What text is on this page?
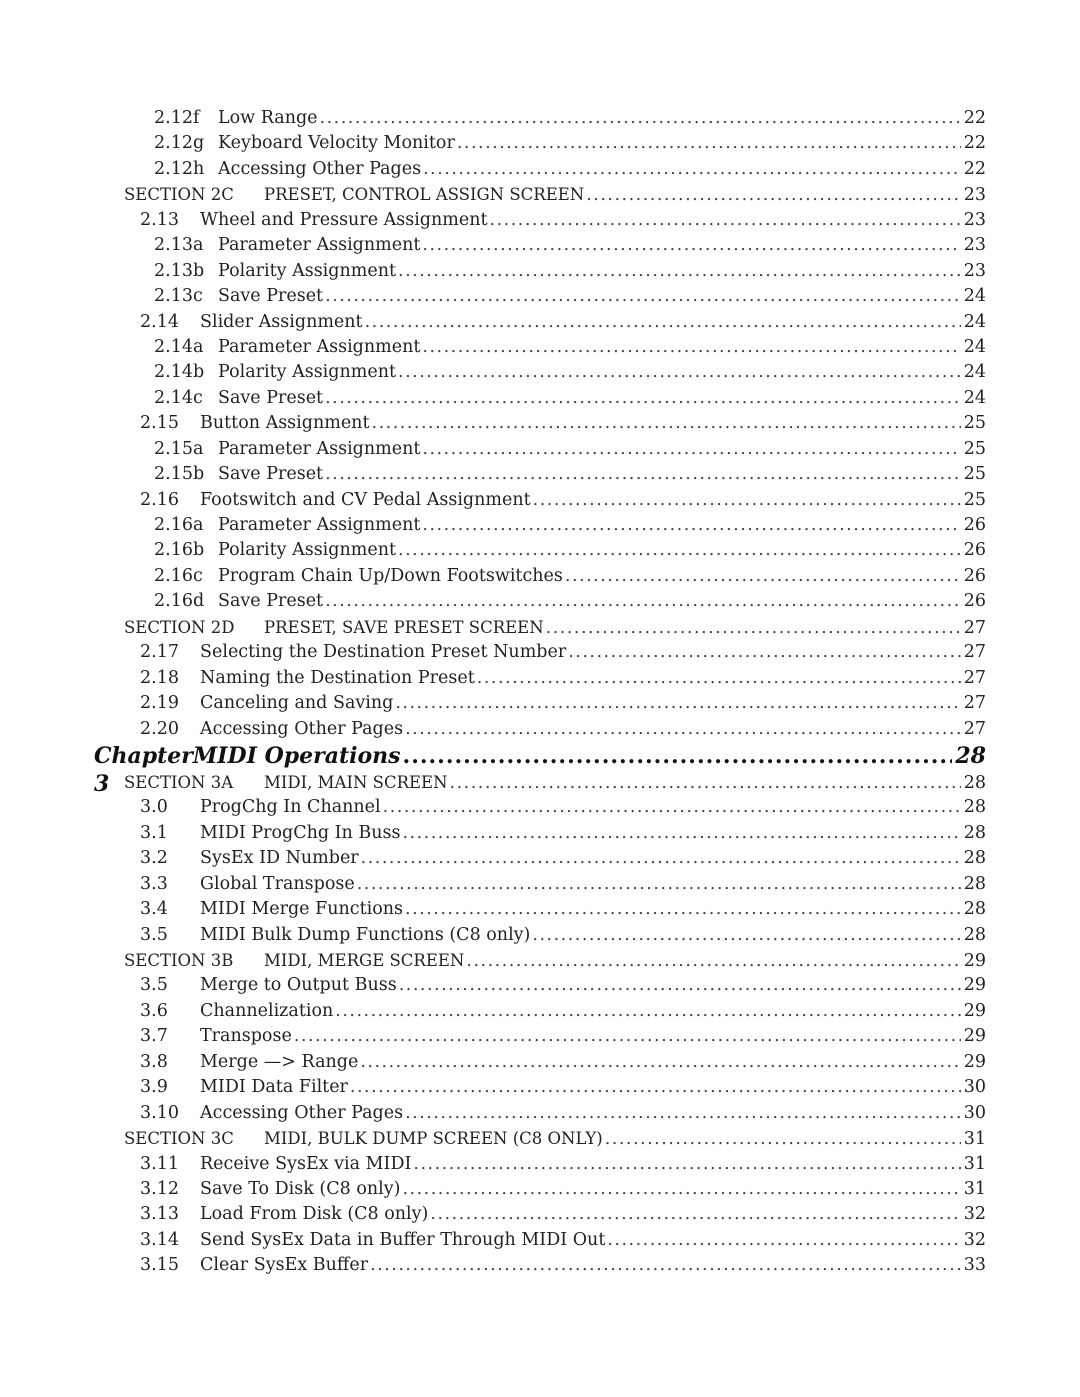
2.12f	Low Range .....	22
2.12g Keyboard Velocity Monitor .....	22
2.12h Accessing Other Pages .....	22
SECTION 2C	PRESET, CONTROL ASSIGN SCREEN .....	23
2.13	Wheel and Pressure Assignment .....	23
2.13a Parameter Assignment .....	23
2.13b Polarity Assignment .....	23
2.13c Save Preset .....	24
2.14	Slider Assignment .....	24
2.14a Parameter Assignment .....	24
2.14b Polarity Assignment .....	24
2.14c Save Preset .....	24
2.15	Button Assignment .....	25
2.15a Parameter Assignment .....	25
2.15b Save Preset .....	25
2.16	Footswitch and CV Pedal Assignment .....	25
2.16a Parameter Assignment .....	26
2.16b Polarity Assignment .....	26
2.16c Program Chain Up/Down Footswitches .....	26
2.16d Save Preset .....	26
SECTION 2D	PRESET, SAVE PRESET SCREEN .....	27
2.17	Selecting the Destination Preset Number .....	27
2.18	Naming the Destination Preset .....	27
2.19	Canceling and Saving .....	27
2.20	Accessing Other Pages .....	27
Chapter 3
MIDI Operations .....	28
SECTION 3A	MIDI, MAIN SCREEN .....	28
3.0	ProgChg In Channel .....	28
3.1	MIDI ProgChg In Buss .....	28
3.2	SysEx ID Number .....	28
3.3	Global Transpose .....	28
3.4	MIDI Merge Functions .....	28
3.5	MIDI Bulk Dump Functions (C8 only) .....	28
SECTION 3B	MIDI, MERGE SCREEN .....	29
3.5	Merge to Output Buss .....	29
3.6	Channelization .....	29
3.7	Transpose .....	29
3.8	Merge —> Range .....	29
3.9	MIDI Data Filter .....	30
3.10	Accessing Other Pages .....	30
SECTION 3C	MIDI, BULK DUMP SCREEN (C8 ONLY) .....	31
3.11	Receive SysEx via MIDI .....	31
3.12	Save To Disk (C8 only) .....	31
3.13	Load From Disk (C8 only) .....	32
3.14	Send SysEx Data in Buffer Through MIDI Out .....	32
3.15	Clear SysEx Buffer .....	33
